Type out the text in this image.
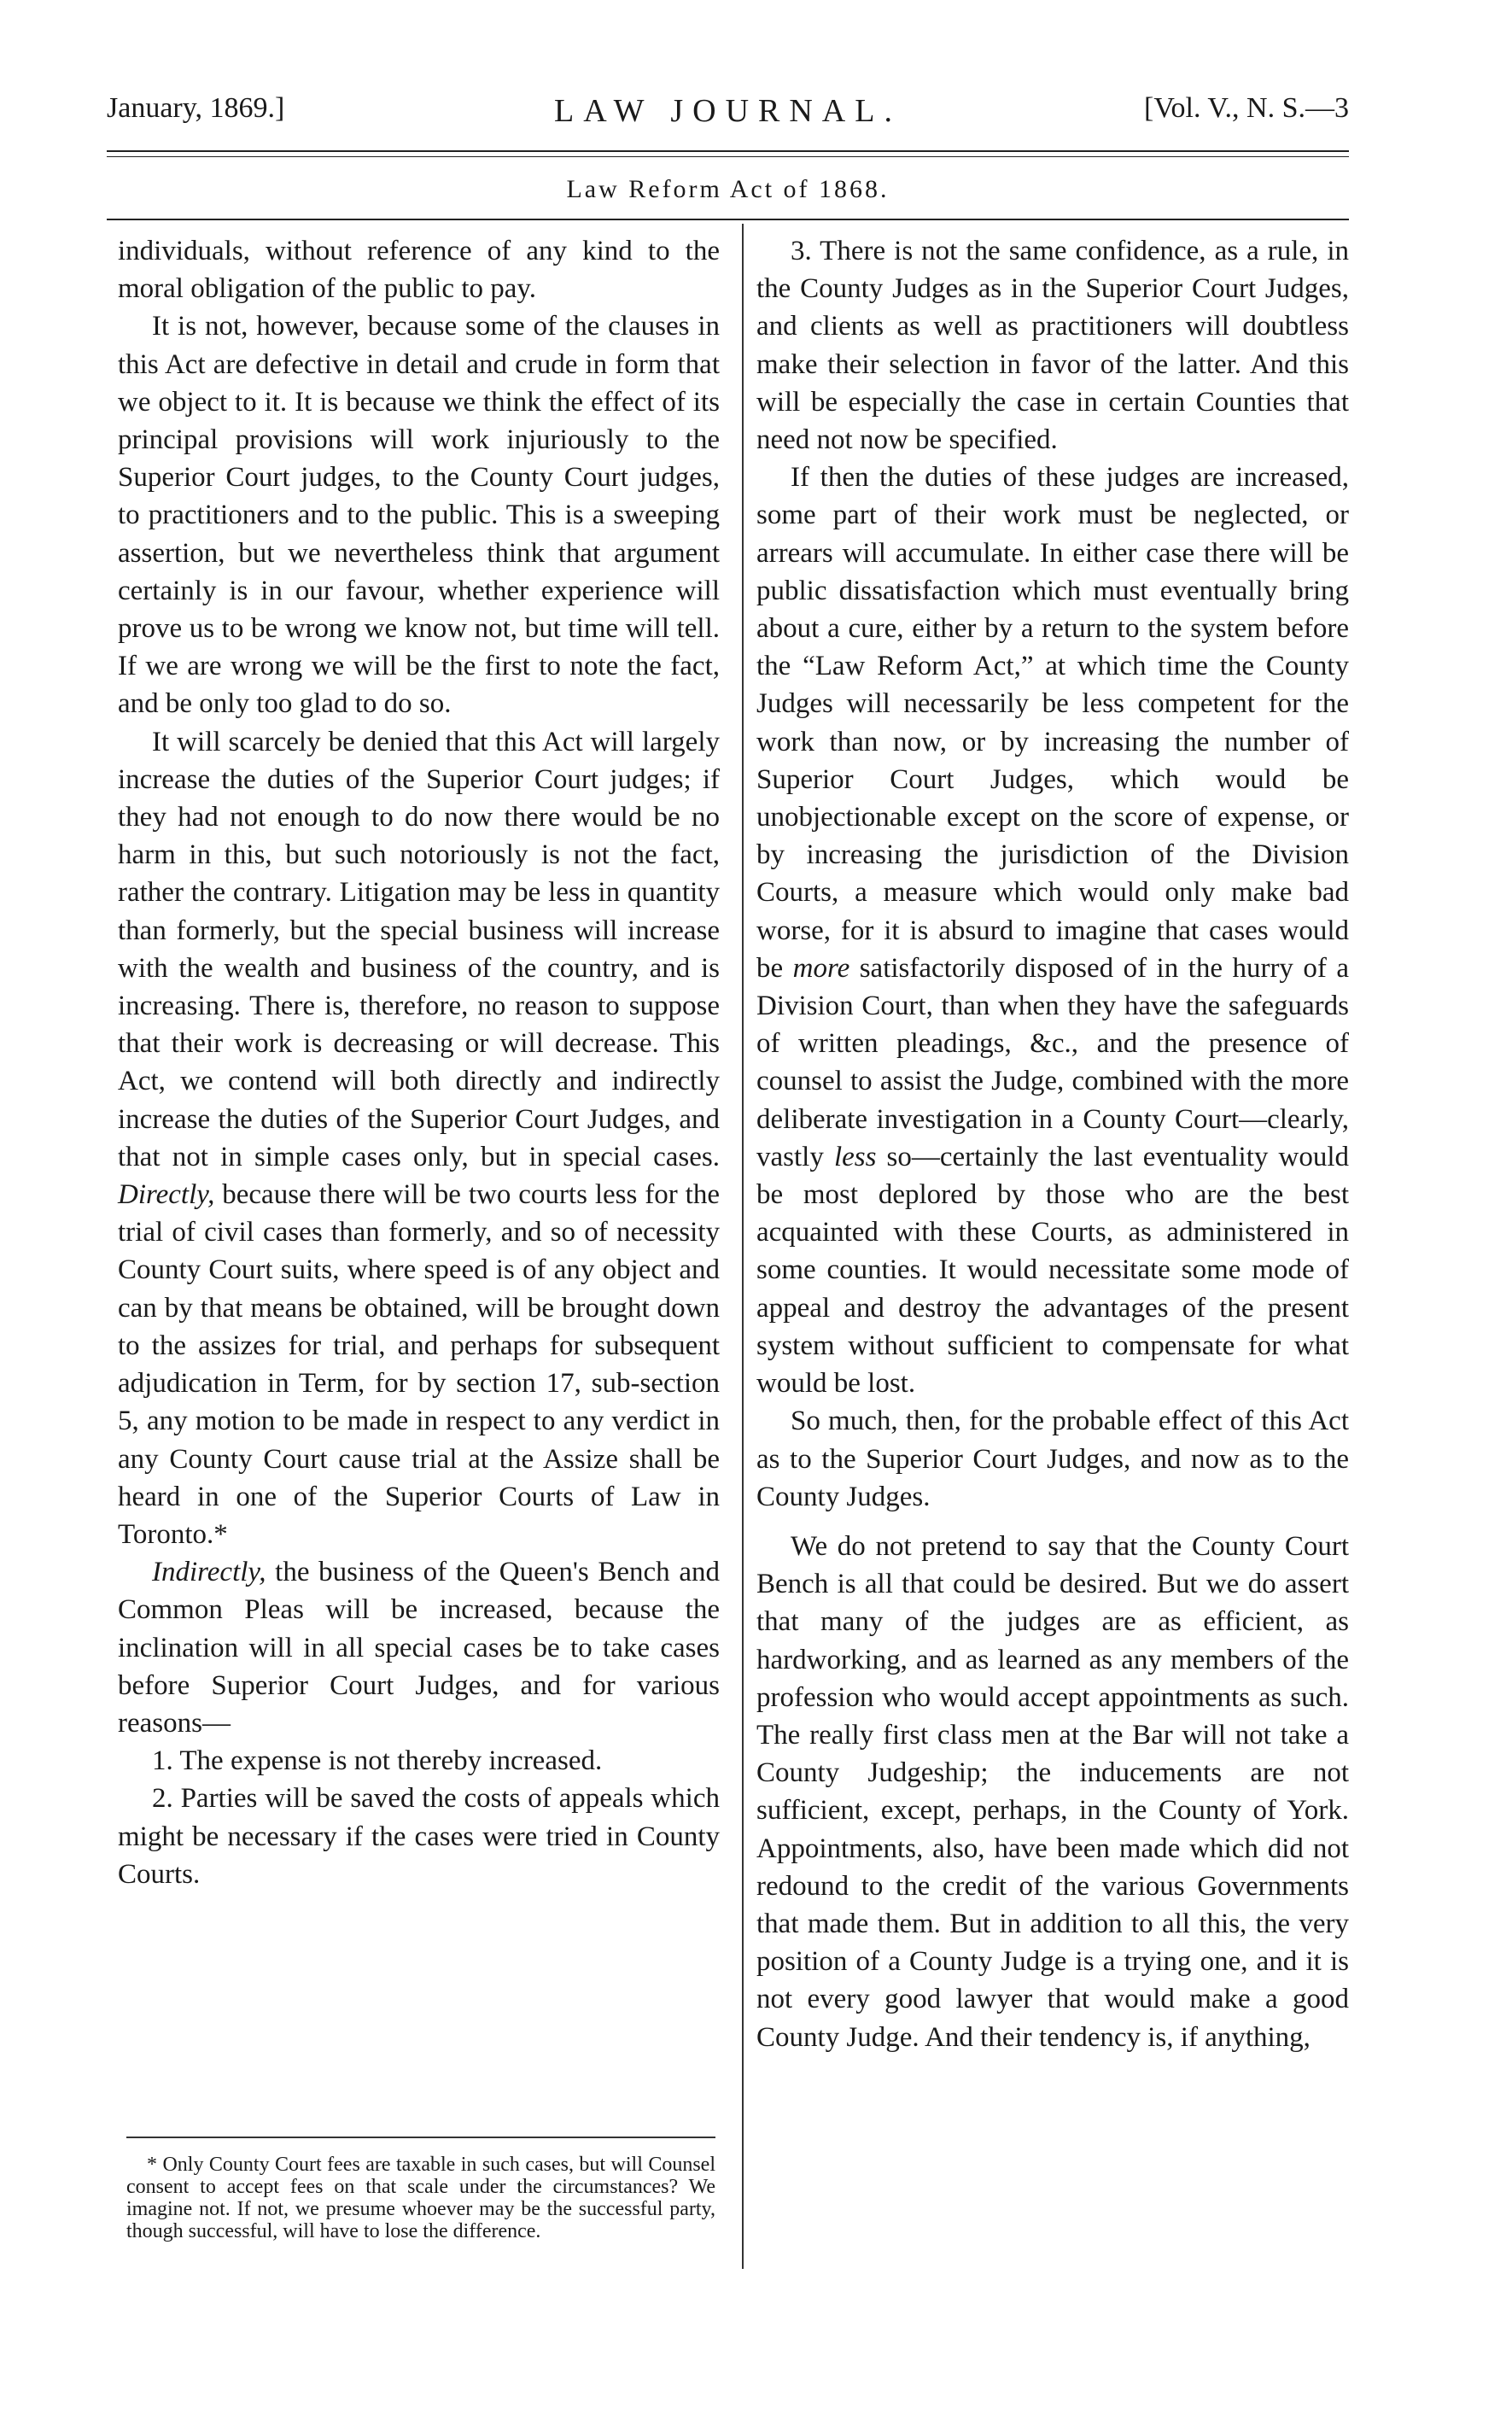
January, 1869.]	LAW JOURNAL.	[Vol. V., N. S.—3
Law Reform Act of 1868.

individuals, without reference of any kind to the moral obligation of the public to pay.

It is not, however, because some of the clauses in this Act are defective in detail and crude in form that we object to it. It is because we think the effect of its principal provisions will work injuriously to the Superior Court judges, to the County Court judges, to practitioners and to the public. This is a sweeping assertion, but we nevertheless think that argument certainly is in our favour, whether experience will prove us to be wrong we know not, but time will tell. If we are wrong we will be the first to note the fact, and be only too glad to do so.

It will scarcely be denied that this Act will largely increase the duties of the Superior Court judges; if they had not enough to do now there would be no harm in this, but such notoriously is not the fact, rather the contrary. Litigation may be less in quantity than formerly, but the special business will increase with the wealth and business of the country, and is increasing. There is, therefore, no reason to suppose that their work is decreasing or will decrease. This Act, we contend will both directly and indirectly increase the duties of the Superior Court Judges, and that not in simple cases only, but in special cases. Directly, because there will be two courts less for the trial of civil cases than formerly, and so of necessity County Court suits, where speed is of any object and can by that means be obtained, will be brought down to the assizes for trial, and perhaps for subsequent adjudication in Term, for by section 17, sub-section 5, any motion to be made in respect to any verdict in any County Court cause trial at the Assize shall be heard in one of the Superior Courts of Law in Toronto.*

Indirectly, the business of the Queen's Bench and Common Pleas will be increased, because the inclination will in all special cases be to take cases before Superior Court Judges, and for various reasons—

1. The expense is not thereby increased.

2. Parties will be saved the costs of appeals which might be necessary if the cases were tried in County Courts.

* Only County Court fees are taxable in such cases, but will Counsel consent to accept fees on that scale under the circumstances? We imagine not. If not, we presume whoever may be the successful party, though successful, will have to lose the difference.

3. There is not the same confidence, as a rule, in the County Judges as in the Superior Court Judges, and clients as well as practitioners will doubtless make their selection in favor of the latter. And this will be especially the case in certain Counties that need not now be specified.

If then the duties of these judges are increased, some part of their work must be neglected, or arrears will accumulate. In either case there will be public dissatisfaction which must eventually bring about a cure, either by a return to the system before the “Law Reform Act,” at which time the County Judges will necessarily be less competent for the work than now, or by increasing the number of Superior Court Judges, which would be unobjectionable except on the score of expense, or by increasing the jurisdiction of the Division Courts, a measure which would only make bad worse, for it is absurd to imagine that cases would be more satisfactorily disposed of in the hurry of a Division Court, than when they have the safeguards of written pleadings, &c., and the presence of counsel to assist the Judge, combined with the more deliberate investigation in a County Court—clearly, vastly less so—certainly the last eventuality would be most deplored by those who are the best acquainted with these Courts, as administered in some counties. It would necessitate some mode of appeal and destroy the advantages of the present system without sufficient to compensate for what would be lost.

So much, then, for the probable effect of this Act as to the Superior Court Judges, and now as to the County Judges.

We do not pretend to say that the County Court Bench is all that could be desired. But we do assert that many of the judges are as efficient, as hardworking, and as learned as any members of the profession who would accept appointments as such. The really first class men at the Bar will not take a County Judgeship; the inducements are not sufficient, except, perhaps, in the County of York. Appointments, also, have been made which did not redound to the credit of the various Governments that made them. But in addition to all this, the very position of a County Judge is a trying one, and it is not every good lawyer that would make a good County Judge. And their tendency is, if anything,
